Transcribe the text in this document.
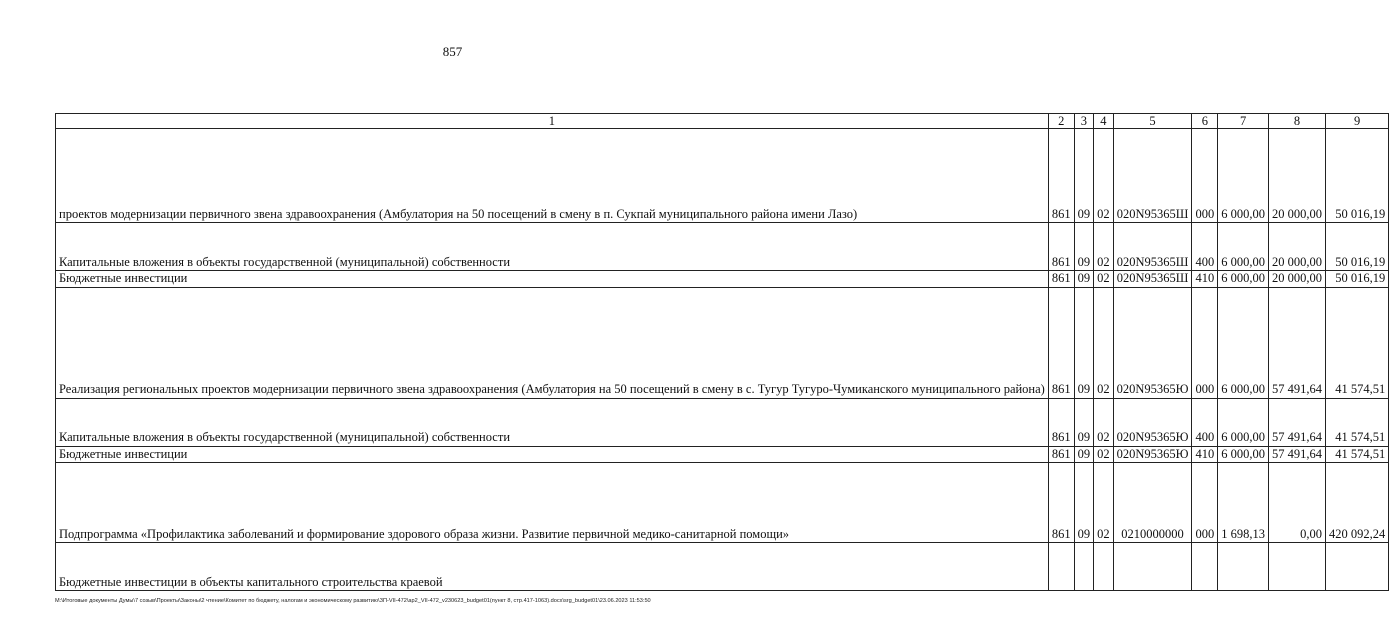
857
1	2	3	4	5	6	7	8	9
проектов модернизации первичного звена здравоохранения (Амбулатория на 50 посещений в смену в п. Сукпай муниципального района имени Лазо)	861	09	02	020N95365Ш	000	6 000,00	20 000,00	50 016,19
Капитальные вложения в объекты государственной (муниципальной) собственности	861	09	02	020N95365Ш	400	6 000,00	20 000,00	50 016,19
Бюджетные инвестиции	861	09	02	020N95365Ш	410	6 000,00	20 000,00	50 016,19
Реализация региональных проектов модернизации первичного звена здравоохранения (Амбулатория на 50 посещений в смену в с. Тугур Тугуро-Чумиканского муниципального района)	861	09	02	020N95365Ю	000	6 000,00	57 491,64	41 574,51
Капитальные вложения в объекты государственной (муниципальной) собственности	861	09	02	020N95365Ю	400	6 000,00	57 491,64	41 574,51
Бюджетные инвестиции	861	09	02	020N95365Ю	410	6 000,00	57 491,64	41 574,51
Подпрограмма «Профилактика заболеваний и формирование здорового образа жизни. Развитие первичной медико-санитарной помощи»	861	09	02	0210000000	000	1 698,13	0,00	420 092,24
Бюджетные инвестиции в объекты капитального строительства краевой								
M:\Итоговые документы Думы\7 созыв\Проекты\Законы\2 чтение\Комитет по бюджету, налогам и экономическому развитию\ЗП-VII-472\ар2_VII-472_v230623_budget01(пункт 8, стр.417-1063).docx\srg_budget01\23.06.2023 11:53:50
